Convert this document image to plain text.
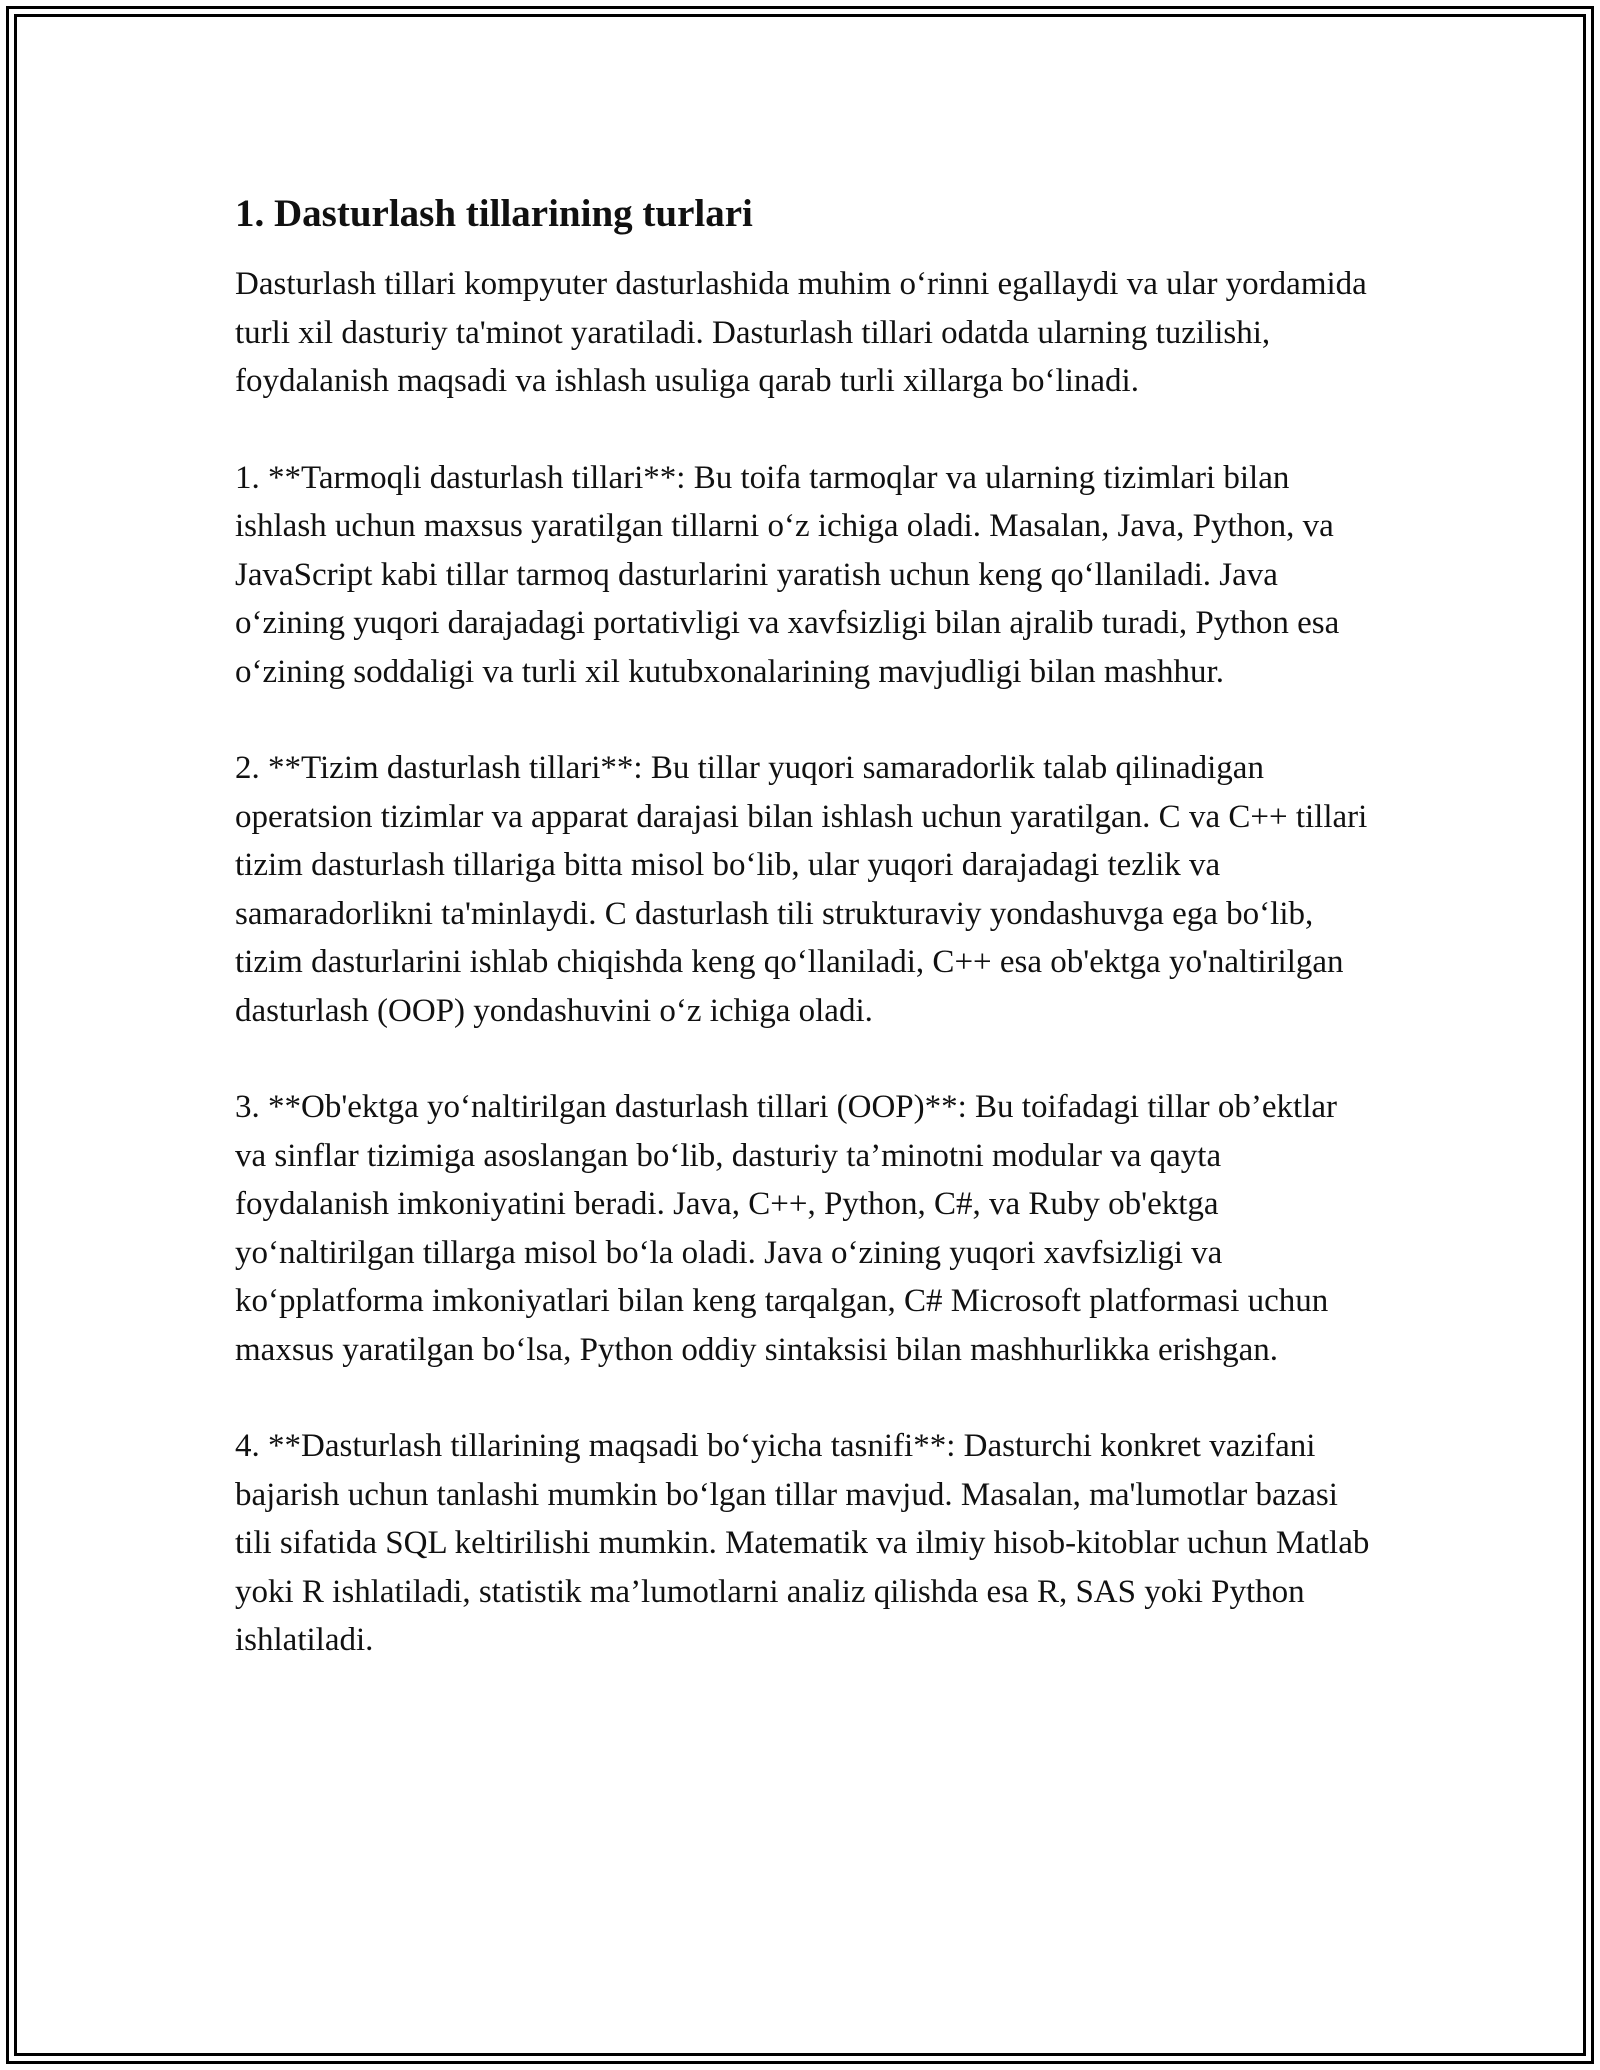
1. Dasturlash tillarining turlari

Dasturlash tillari kompyuter dasturlashida muhim o‘rinni egallaydi va ular yordamida turli xil dasturiy ta'minot yaratiladi. Dasturlash tillari odatda ularning tuzilishi, foydalanish maqsadi va ishlash usuliga qarab turli xillarga bo‘linadi.

1. **Tarmoqli dasturlash tillari**: Bu toifa tarmoqlar va ularning tizimlari bilan ishlash uchun maxsus yaratilgan tillarni o‘z ichiga oladi. Masalan, Java, Python, va JavaScript kabi tillar tarmoq dasturlarini yaratish uchun keng qo‘llaniladi. Java o‘zining yuqori darajadagi portativligi va xavfsizligi bilan ajralib turadi, Python esa o‘zining soddaligi va turli xil kutubxonalarining mavjudligi bilan mashhur.

2. **Tizim dasturlash tillari**: Bu tillar yuqori samaradorlik talab qilinadigan operatsion tizimlar va apparat darajasi bilan ishlash uchun yaratilgan. C va C++ tillari tizim dasturlash tillariga bitta misol bo‘lib, ular yuqori darajadagi tezlik va samaradorlikni ta'minlaydi. C dasturlash tili strukturaviy yondashuvga ega bo‘lib, tizim dasturlarini ishlab chiqishda keng qo‘llaniladi, C++ esa ob'ektga yo'naltirilgan dasturlash (OOP) yondashuvini o‘z ichiga oladi.

3. **Ob'ektga yo‘naltirilgan dasturlash tillari (OOP)**: Bu toifadagi tillar ob’ektlar va sinflar tizimiga asoslangan bo‘lib, dasturiy ta’minotni modular va qayta foydalanish imkoniyatini beradi. Java, C++, Python, C#, va Ruby ob'ektga yo‘naltirilgan tillarga misol bo‘la oladi. Java o‘zining yuqori xavfsizligi va ko‘pplatforma imkoniyatlari bilan keng tarqalgan, C# Microsoft platformasi uchun maxsus yaratilgan bo‘lsa, Python oddiy sintaksisi bilan mashhurlikka erishgan.

4. **Dasturlash tillarining maqsadi bo‘yicha tasnifi**: Dasturchi konkret vazifani bajarish uchun tanlashi mumkin bo‘lgan tillar mavjud. Masalan, ma'lumotlar bazasi tili sifatida SQL keltirilishi mumkin. Matematik va ilmiy hisob-kitoblar uchun Matlab yoki R ishlatiladi, statistik ma’lumotlarni analiz qilishda esa R, SAS yoki Python ishlatiladi.
